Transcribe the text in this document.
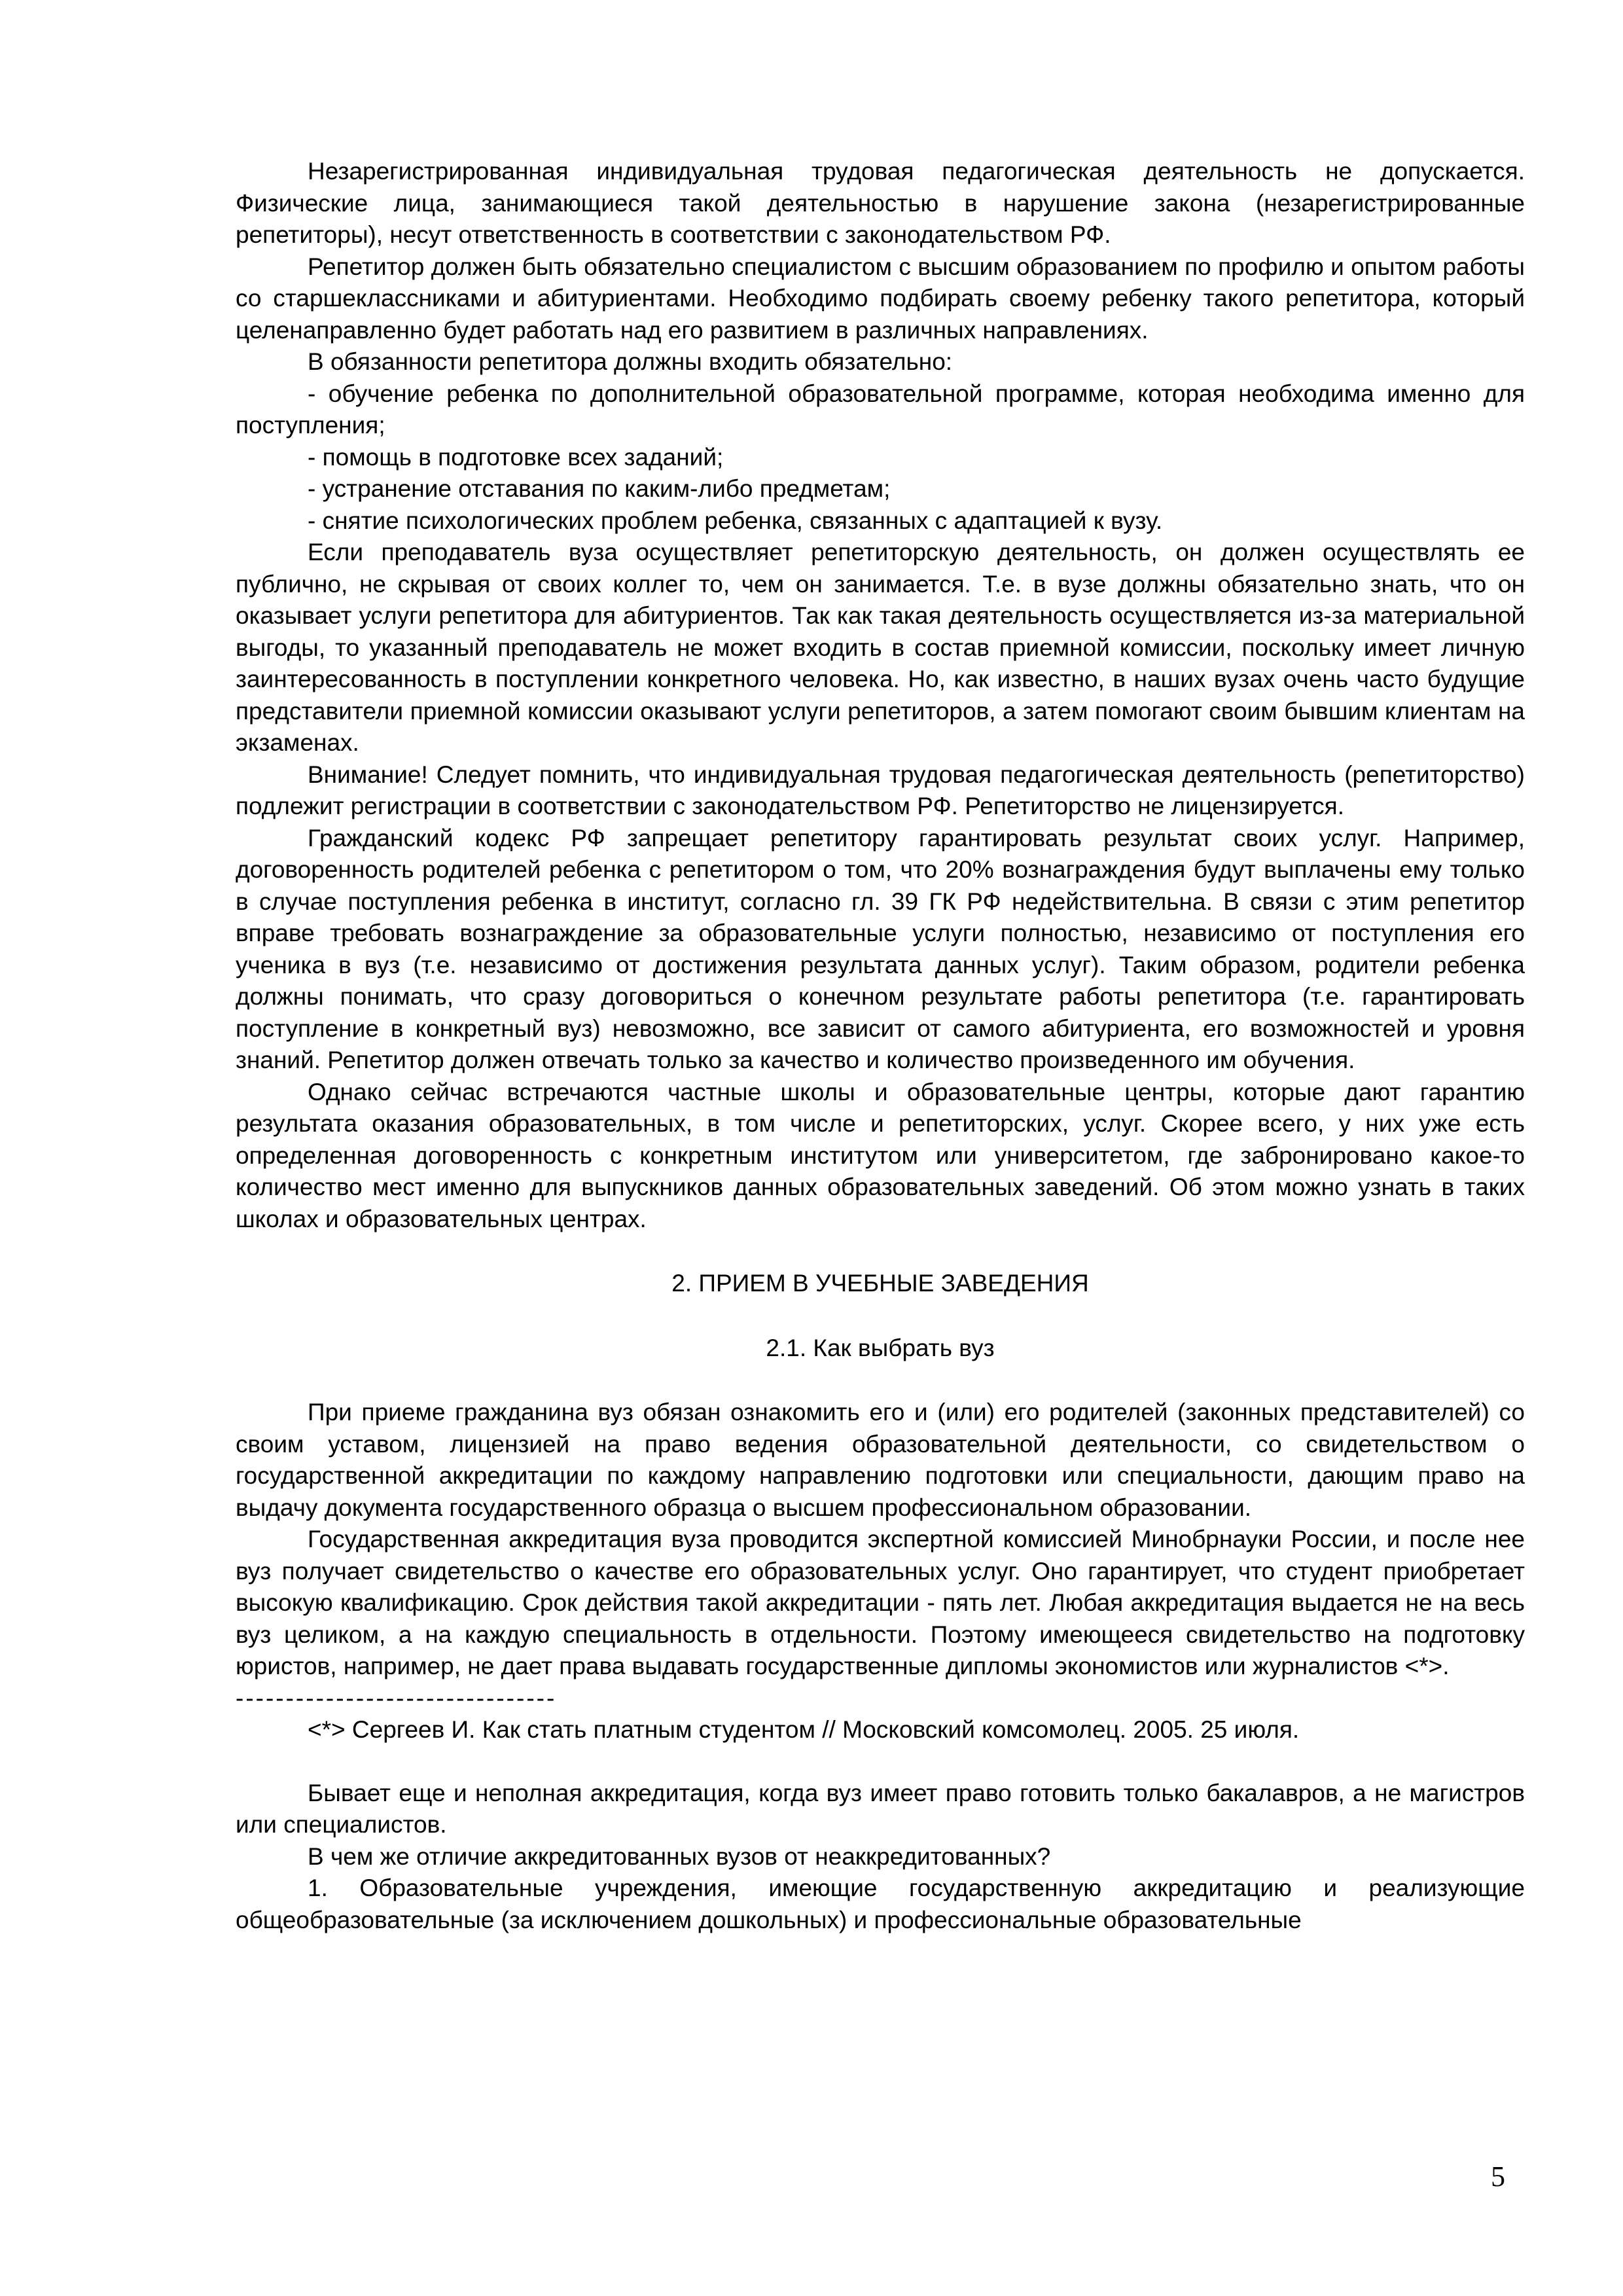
Незарегистрированная индивидуальная трудовая педагогическая деятельность не допускается. Физические лица, занимающиеся такой деятельностью в нарушение закона (незарегистрированные репетиторы), несут ответственность в соответствии с законодательством РФ.

Репетитор должен быть обязательно специалистом с высшим образованием по профилю и опытом работы со старшеклассниками и абитуриентами. Необходимо подбирать своему ребенку такого репетитора, который целенаправленно будет работать над его развитием в различных направлениях.

В обязанности репетитора должны входить обязательно:

- обучение ребенка по дополнительной образовательной программе, которая необходима именно для поступления;

- помощь в подготовке всех заданий;

- устранение отставания по каким-либо предметам;

- снятие психологических проблем ребенка, связанных с адаптацией к вузу.

Если преподаватель вуза осуществляет репетиторскую деятельность, он должен осуществлять ее публично, не скрывая от своих коллег то, чем он занимается. Т.е. в вузе должны обязательно знать, что он оказывает услуги репетитора для абитуриентов. Так как такая деятельность осуществляется из-за материальной выгоды, то указанный преподаватель не может входить в состав приемной комиссии, поскольку имеет личную заинтересованность в поступлении конкретного человека. Но, как известно, в наших вузах очень часто будущие представители приемной комиссии оказывают услуги репетиторов, а затем помогают своим бывшим клиентам на экзаменах.

Внимание! Следует помнить, что индивидуальная трудовая педагогическая деятельность (репетиторство) подлежит регистрации в соответствии с законодательством РФ. Репетиторство не лицензируется.

Гражданский кодекс РФ запрещает репетитору гарантировать результат своих услуг. Например, договоренность родителей ребенка с репетитором о том, что 20% вознаграждения будут выплачены ему только в случае поступления ребенка в институт, согласно гл. 39 ГК РФ недействительна. В связи с этим репетитор вправе требовать вознаграждение за образовательные услуги полностью, независимо от поступления его ученика в вуз (т.е. независимо от достижения результата данных услуг). Таким образом, родители ребенка должны понимать, что сразу договориться о конечном результате работы репетитора (т.е. гарантировать поступление в конкретный вуз) невозможно, все зависит от самого абитуриента, его возможностей и уровня знаний. Репетитор должен отвечать только за качество и количество произведенного им обучения.

Однако сейчас встречаются частные школы и образовательные центры, которые дают гарантию результата оказания образовательных, в том числе и репетиторских, услуг. Скорее всего, у них уже есть определенная договоренность с конкретным институтом или университетом, где забронировано какое-то количество мест именно для выпускников данных образовательных заведений. Об этом можно узнать в таких школах и образовательных центрах.

2. ПРИЕМ В УЧЕБНЫЕ ЗАВЕДЕНИЯ
2.1. Как выбрать вуз

При приеме гражданина вуз обязан ознакомить его и (или) его родителей (законных представителей) со своим уставом, лицензией на право ведения образовательной деятельности, со свидетельством о государственной аккредитации по каждому направлению подготовки или специальности, дающим право на выдачу документа государственного образца о высшем профессиональном образовании.

Государственная аккредитация вуза проводится экспертной комиссией Минобрнауки России, и после нее вуз получает свидетельство о качестве его образовательных услуг. Оно гарантирует, что студент приобретает высокую квалификацию. Срок действия такой аккредитации - пять лет. Любая аккредитация выдается не на весь вуз целиком, а на каждую специальность в отдельности. Поэтому имеющееся свидетельство на подготовку юристов, например, не дает права выдавать государственные дипломы экономистов или журналистов <*>.

--------------------------------

<*> Сергеев И. Как стать платным студентом // Московский комсомолец. 2005. 25 июля.

Бывает еще и неполная аккредитация, когда вуз имеет право готовить только бакалавров, а не магистров или специалистов.

В чем же отличие аккредитованных вузов от неаккредитованных?

1. Образовательные учреждения, имеющие государственную аккредитацию и реализующие общеобразовательные (за исключением дошкольных) и профессиональные образовательные

5
